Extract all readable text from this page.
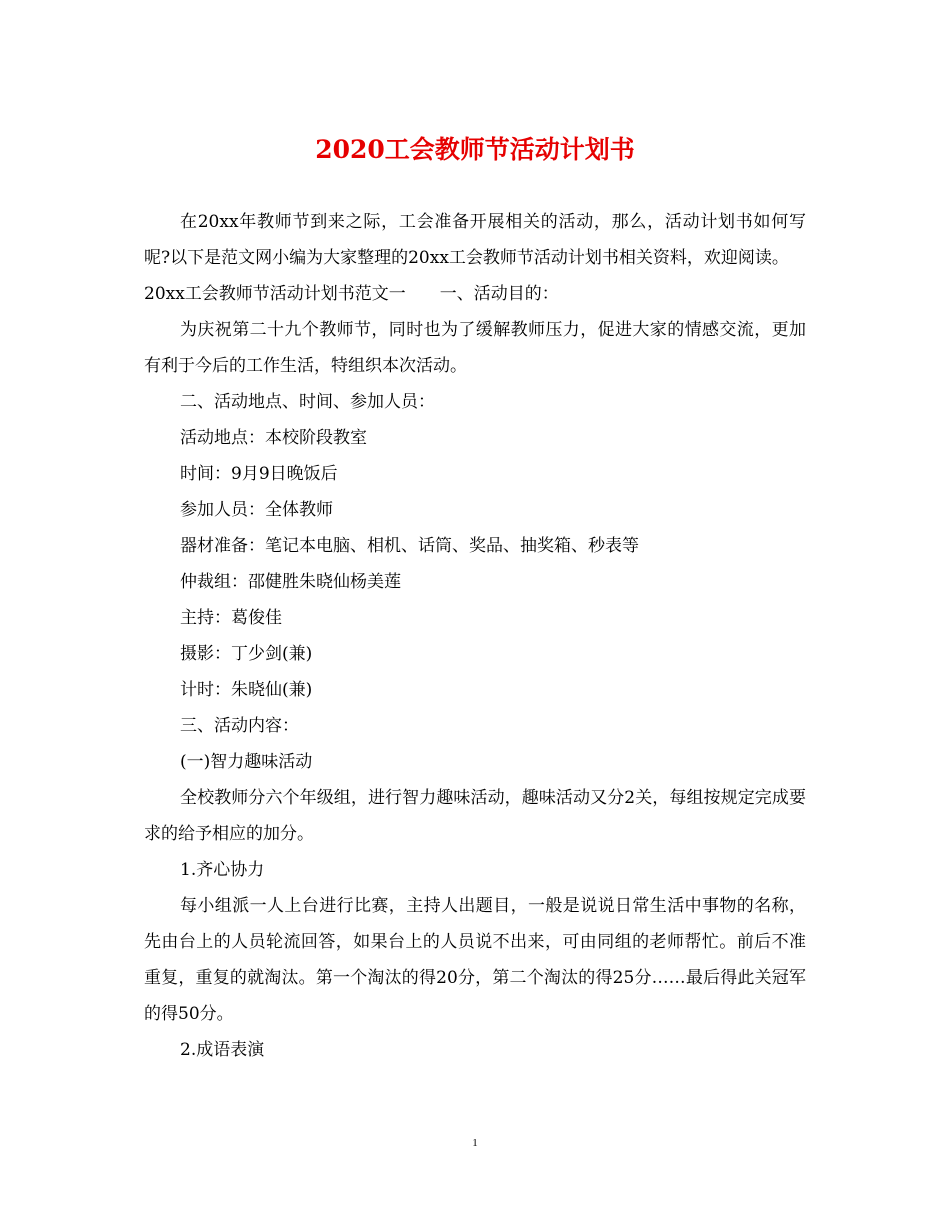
2020工会教师节活动计划书

在20xx年教师节到来之际，工会准备开展相关的活动，那么，活动计划书如何写呢?以下是范文网小编为大家整理的20xx工会教师节活动计划书相关资料，欢迎阅读。

20xx工会教师节活动计划书范文一　　一、活动目的：

为庆祝第二十九个教师节，同时也为了缓解教师压力，促进大家的情感交流，更加有利于今后的工作生活，特组织本次活动。

二、活动地点、时间、参加人员：

活动地点：本校阶段教室

时间：9月9日晚饭后

参加人员：全体教师

器材准备：笔记本电脑、相机、话筒、奖品、抽奖箱、秒表等

仲裁组：邵健胜朱晓仙杨美莲

主持：葛俊佳

摄影：丁少剑(兼)

计时：朱晓仙(兼)

三、活动内容：

(一)智力趣味活动

全校教师分六个年级组，进行智力趣味活动，趣味活动又分2关，每组按规定完成要求的给予相应的加分。

1.齐心协力

每小组派一人上台进行比赛，主持人出题目，一般是说说日常生活中事物的名称，先由台上的人员轮流回答，如果台上的人员说不出来，可由同组的老师帮忙。前后不准重复，重复的就淘汰。第一个淘汰的得20分，第二个淘汰的得25分……最后得此关冠军的得50分。

2.成语表演

1
